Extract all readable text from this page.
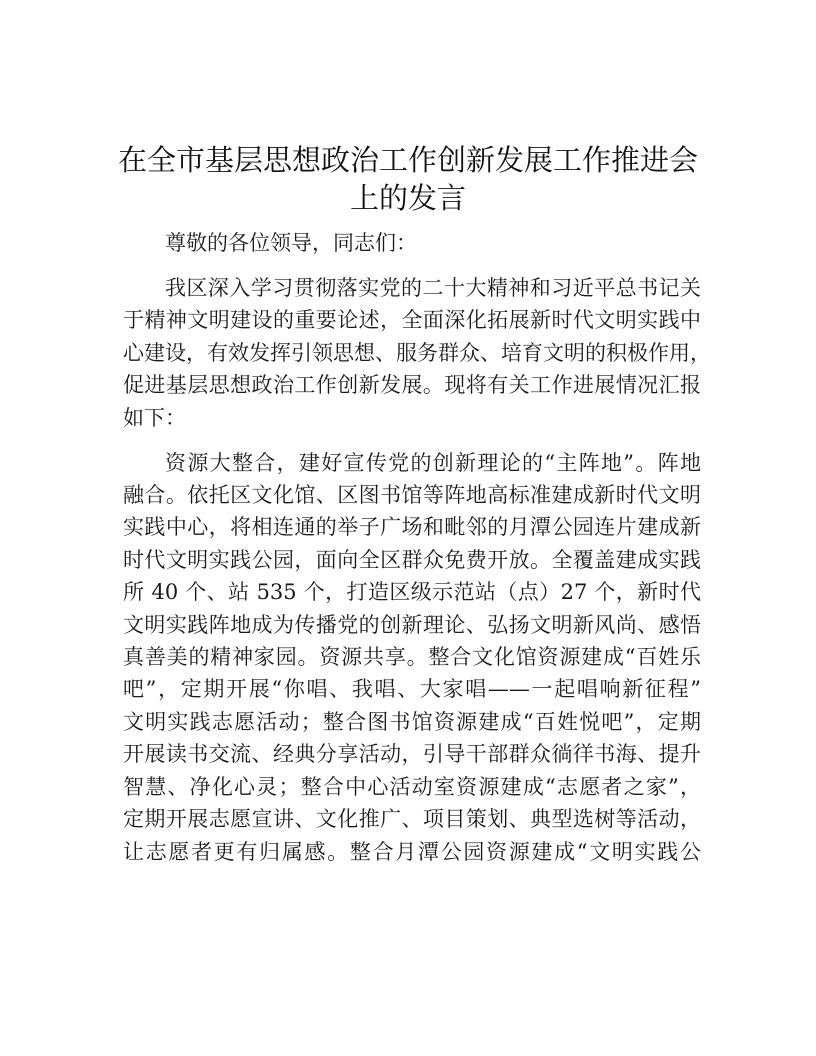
在全市基层思想政治工作创新发展工作推进会
上的发言

尊敬的各位领导，同志们：

我区深入学习贯彻落实党的二十大精神和习近平总书记关
于精神文明建设的重要论述，全面深化拓展新时代文明实践中
心建设，有效发挥引领思想、服务群众、培育文明的积极作用，
促进基层思想政治工作创新发展。现将有关工作进展情况汇报
如下：

资源大整合，建好宣传党的创新理论的“主阵地”。阵地
融合。依托区文化馆、区图书馆等阵地高标准建成新时代文明
实践中心，将相连通的举子广场和毗邻的月潭公园连片建成新
时代文明实践公园，面向全区群众免费开放。全覆盖建成实践
所 40 个、站 535 个，打造区级示范站（点）27 个，新时代
文明实践阵地成为传播党的创新理论、弘扬文明新风尚、感悟
真善美的精神家园。资源共享。整合文化馆资源建成“百姓乐
吧”，定期开展“你唱、我唱、大家唱——一起唱响新征程”
文明实践志愿活动；整合图书馆资源建成“百姓悦吧”，定期
开展读书交流、经典分享活动，引导干部群众徜徉书海、提升
智慧、净化心灵；整合中心活动室资源建成“志愿者之家”，
定期开展志愿宣讲、文化推广、项目策划、典型选树等活动，
让志愿者更有归属感。整合月潭公园资源建成“文明实践公
